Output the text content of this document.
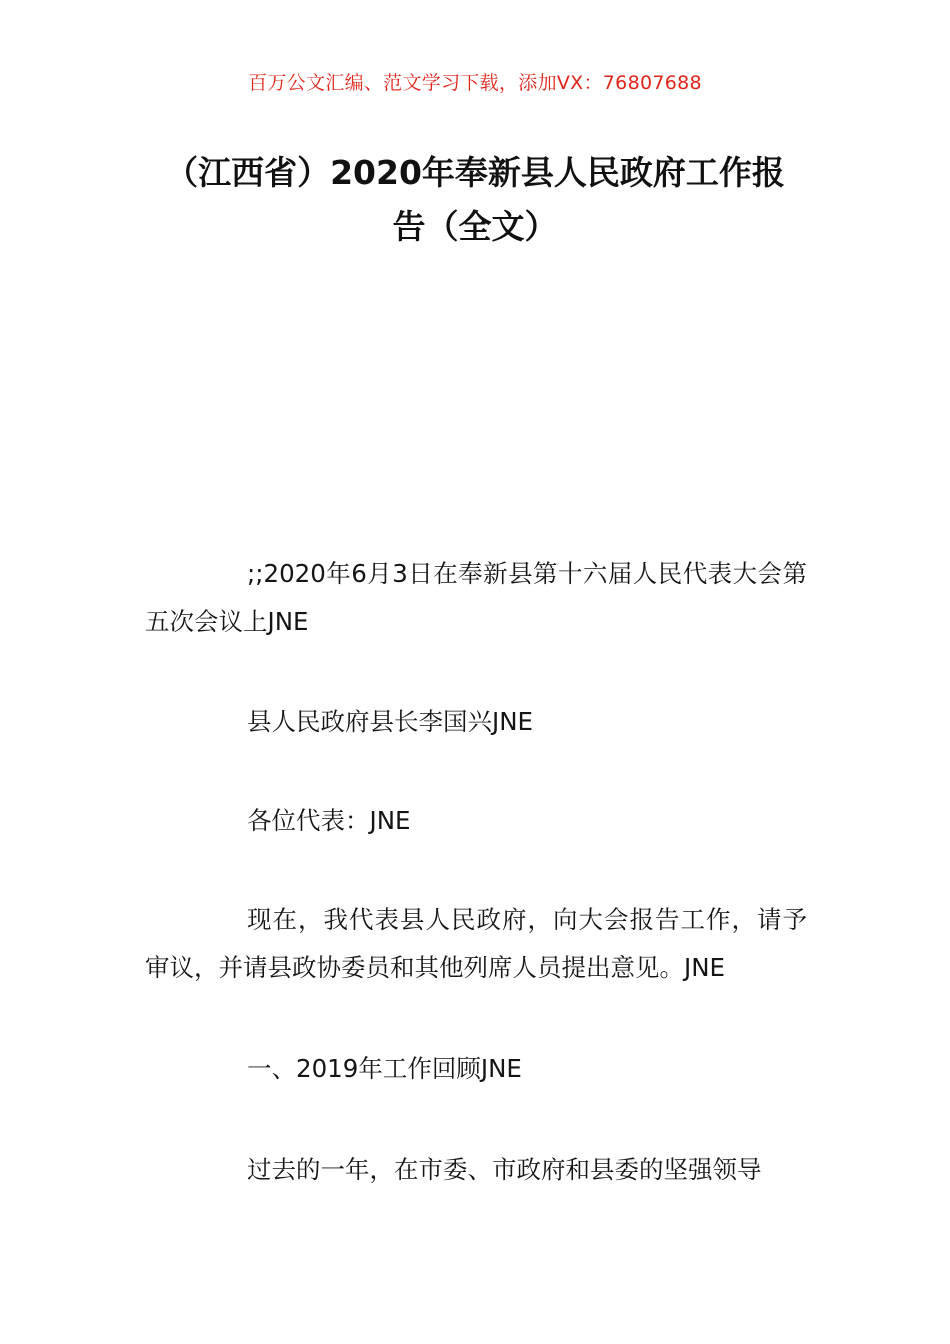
百万公文汇编、范文学习下载，添加VX：76807688
（江西省）2020年奉新县人民政府工作报告（全文）

;;2020年6月3日在奉新县第十六届人民代表大会第五次会议上JNE

县人民政府县长李国兴JNE

各位代表：JNE

现在，我代表县人民政府，向大会报告工作，请予审议，并请县政协委员和其他列席人员提出意见。JNE

一、2019年工作回顾JNE

过去的一年，在市委、市政府和县委的坚强领导
